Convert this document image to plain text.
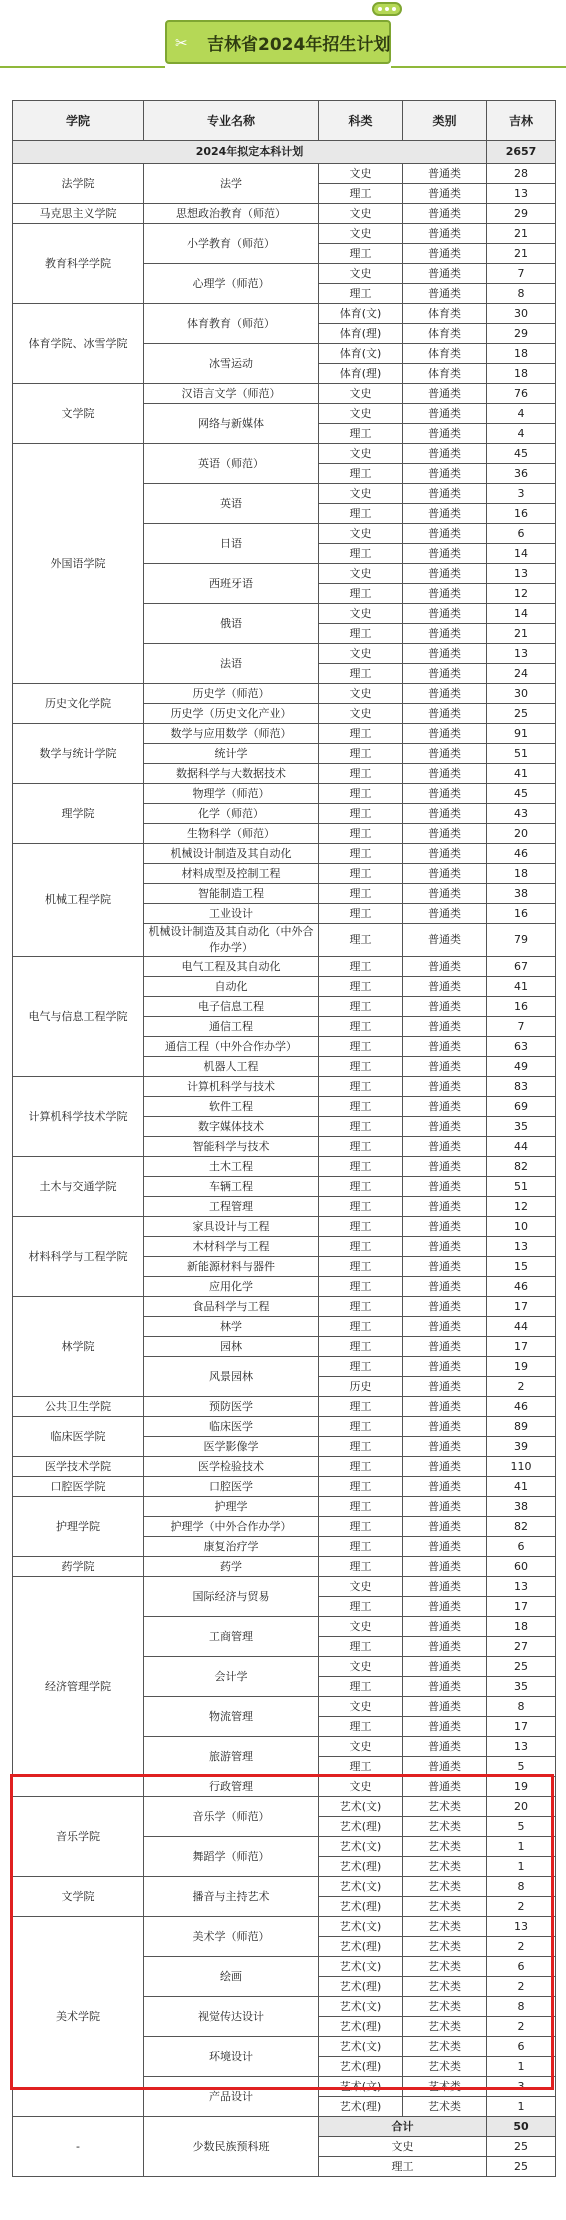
✂	吉林省2024年招生计划
学院	专业名称	科类	类别	吉林
2024年拟定本科计划				2657
法学院	法学	文史	普通类	28
		理工	普通类	13
马克思主义学院	思想政治教育（师范）	文史	普通类	29
教育科学学院	小学教育（师范）	文史	普通类	21
		理工	普通类	21
	心理学（师范）	文史	普通类	7
		理工	普通类	8
体育学院、冰雪学院	体育教育（师范）	体育(文)	体育类	30
		体育(理)	体育类	29
	冰雪运动	体育(文)	体育类	18
		体育(理)	体育类	18
文学院	汉语言文学（师范）	文史	普通类	76
	网络与新媒体	文史	普通类	4
		理工	普通类	4
外国语学院	英语（师范）	文史	普通类	45
		理工	普通类	36
	英语	文史	普通类	3
		理工	普通类	16
	日语	文史	普通类	6
		理工	普通类	14
	西班牙语	文史	普通类	13
		理工	普通类	12
	俄语	文史	普通类	14
		理工	普通类	21
	法语	文史	普通类	13
		理工	普通类	24
历史文化学院	历史学（师范）	文史	普通类	30
	历史学（历史文化产业）	文史	普通类	25
数学与统计学院	数学与应用数学（师范）	理工	普通类	91
	统计学	理工	普通类	51
	数据科学与大数据技术	理工	普通类	41
理学院	物理学（师范）	理工	普通类	45
	化学（师范）	理工	普通类	43
	生物科学（师范）	理工	普通类	20
机械工程学院	机械设计制造及其自动化	理工	普通类	46
	材料成型及控制工程	理工	普通类	18
	智能制造工程	理工	普通类	38
	工业设计	理工	普通类	16
	机械设计制造及其自动化（中外合作办学）	理工	普通类	79
电气与信息工程学院	电气工程及其自动化	理工	普通类	67
	自动化	理工	普通类	41
	电子信息工程	理工	普通类	16
	通信工程	理工	普通类	7
	通信工程（中外合作办学）	理工	普通类	63
	机器人工程	理工	普通类	49
计算机科学技术学院	计算机科学与技术	理工	普通类	83
	软件工程	理工	普通类	69
	数字媒体技术	理工	普通类	35
	智能科学与技术	理工	普通类	44
土木与交通学院	土木工程	理工	普通类	82
	车辆工程	理工	普通类	51
	工程管理	理工	普通类	12
材料科学与工程学院	家具设计与工程	理工	普通类	10
	木材科学与工程	理工	普通类	13
	新能源材料与器件	理工	普通类	15
	应用化学	理工	普通类	46
林学院	食品科学与工程	理工	普通类	17
	林学	理工	普通类	44
	园林	理工	普通类	17
	风景园林	理工	普通类	19
		历史	普通类	2
公共卫生学院	预防医学	理工	普通类	46
临床医学院	临床医学	理工	普通类	89
	医学影像学	理工	普通类	39
医学技术学院	医学检验技术	理工	普通类	110
口腔医学院	口腔医学	理工	普通类	41
护理学院	护理学	理工	普通类	38
	护理学（中外合作办学）	理工	普通类	82
	康复治疗学	理工	普通类	6
药学院	药学	理工	普通类	60
经济管理学院	国际经济与贸易	文史	普通类	13
		理工	普通类	17
	工商管理	文史	普通类	18
		理工	普通类	27
	会计学	文史	普通类	25
		理工	普通类	35
	物流管理	文史	普通类	8
		理工	普通类	17
	旅游管理	文史	普通类	13
		理工	普通类	5
	行政管理	文史	普通类	19
音乐学院	音乐学（师范）	艺术(文)	艺术类	20
		艺术(理)	艺术类	5
	舞蹈学（师范）	艺术(文)	艺术类	1
		艺术(理)	艺术类	1
文学院	播音与主持艺术	艺术(文)	艺术类	8
		艺术(理)	艺术类	2
美术学院	美术学（师范）	艺术(文)	艺术类	13
		艺术(理)	艺术类	2
	绘画	艺术(文)	艺术类	6
		艺术(理)	艺术类	2
	视觉传达设计	艺术(文)	艺术类	8
		艺术(理)	艺术类	2
	环境设计	艺术(文)	艺术类	6
		艺术(理)	艺术类	1
	产品设计	艺术(文)	艺术类	3
		艺术(理)	艺术类	1
-	少数民族预科班	合计		50
		文史		25
		理工		25
